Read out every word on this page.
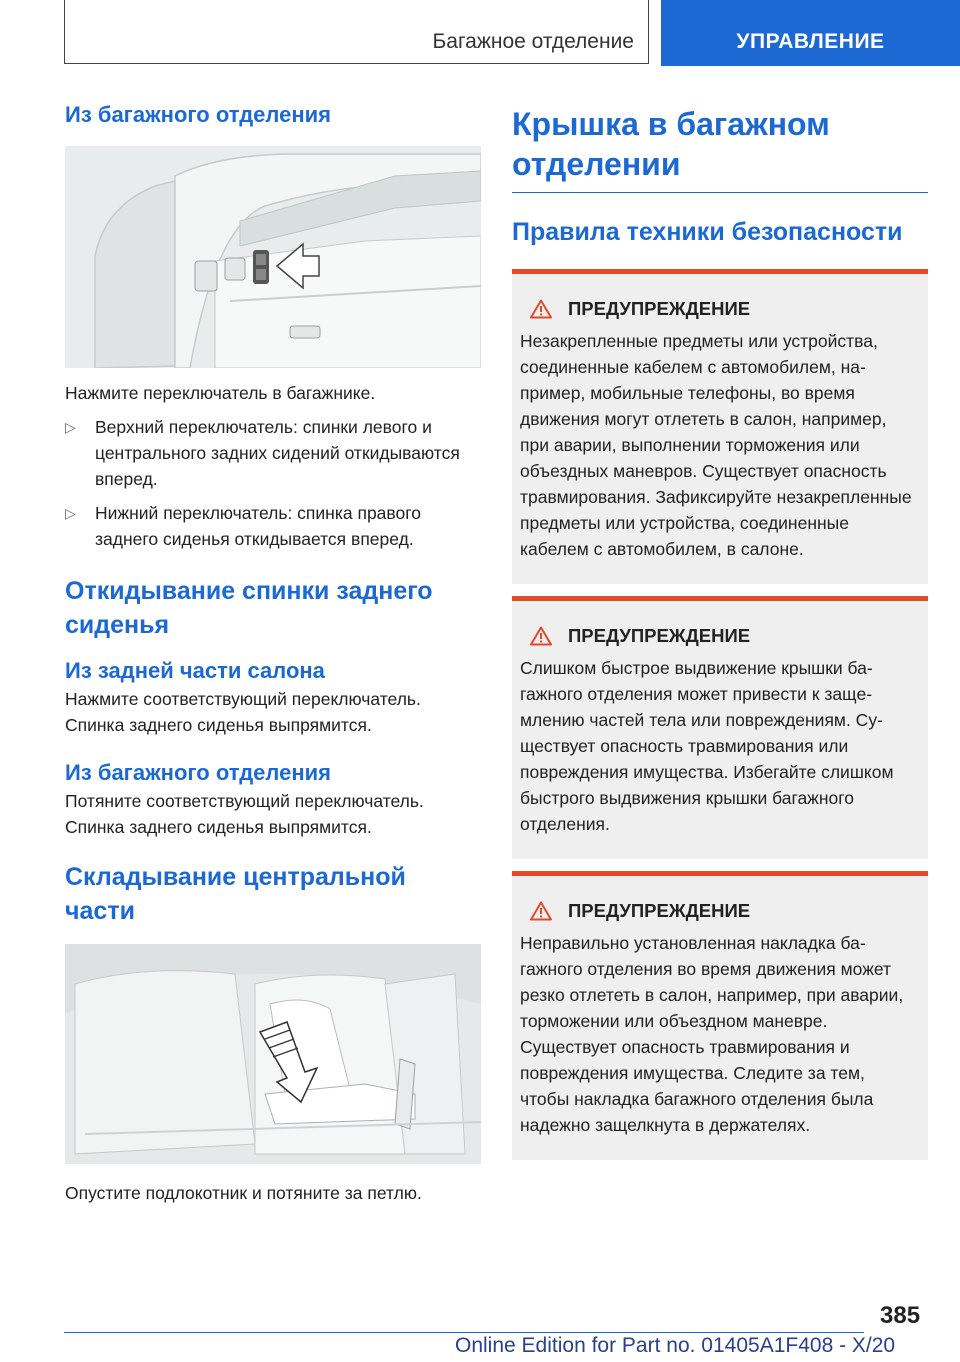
Багажное отделение	УПРАВЛЕНИЕ
Из багажного отделения

Нажмите переключатель в багажнике.

▷ Верхний переключатель: спинки левого и центрального задних сидений откидываются вперед.
▷ Нижний переключатель: спинка правого заднего сиденья откидывается вперед.
Откидывание спинки заднего сиденья
Из задней части салона

Нажмите соответствующий переключатель. Спинка заднего сиденья выпрямится.

Из багажного отделения

Потяните соответствующий переключатель. Спинка заднего сиденья выпрямится.

Складывание центральной части

Опустите подлокотник и потяните за петлю.

Крышка в багажном отделении
Правила техники безопасности
ПРЕДУПРЕЖДЕНИЕ

Незакрепленные предметы или устройства, соединенные кабелем с автомобилем, например, мобильные телефоны, во время движения могут отлететь в салон, например, при аварии, выполнении торможения или объездных маневров. Существует опасность травмирования. Зафиксируйте незакрепленные предметы или устройства, соединенные кабелем с автомобилем, в салоне.

ПРЕДУПРЕЖДЕНИЕ

Слишком быстрое выдвижение крышки багажного отделения может привести к защeмлению частей тела или повреждениям. Существует опасность травмирования или повреждения имущества. Избегайте слишком быстрого выдвижения крышки багажного отделения.

ПРЕДУПРЕЖДЕНИЕ

Неправильно установленная накладка багажного отделения во время движения может резко отлететь в салон, например, при аварии, торможении или объездном маневре. Существует опасность травмирования и повреждения имущества. Следите за тем, чтобы накладка багажного отделения была надежно защелкнута в держателях.

385
Online Edition for Part no. 01405A1F408 - X/20
